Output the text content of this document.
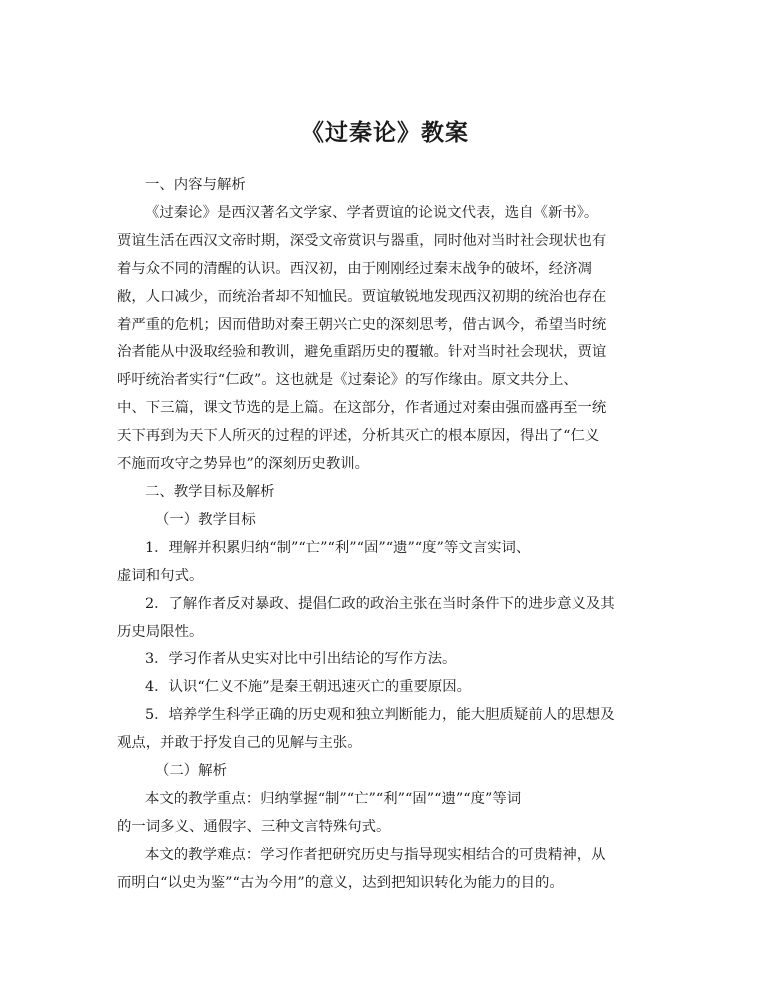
《过秦论》教案

一、内容与解析

《过秦论》是西汉著名文学家、学者贾谊的论说文代表，选自《新书》。

贾谊生活在西汉文帝时期，深受文帝赏识与器重，同时他对当时社会现状也有

着与众不同的清醒的认识。西汉初，由于刚刚经过秦末战争的破坏，经济凋

敝，人口减少，而统治者却不知恤民。贾谊敏锐地发现西汉初期的统治也存在

着严重的危机；因而借助对秦王朝兴亡史的深刻思考，借古讽今，希望当时统

治者能从中汲取经验和教训，避免重蹈历史的覆辙。针对当时社会现状，贾谊

呼吁统治者实行“仁政”。这也就是《过秦论》的写作缘由。原文共分上、

中、下三篇，课文节选的是上篇。在这部分，作者通过对秦由强而盛再至一统

天下再到为天下人所灭的过程的评述，分析其灭亡的根本原因，得出了“仁义

不施而攻守之势异也”的深刻历史教训。

二、教学目标及解析

（一）教学目标

1．理解并积累归纳“制”“亡”“利”“固”“遗”“度”等文言实词、

虚词和句式。

2．了解作者反对暴政、提倡仁政的政治主张在当时条件下的进步意义及其

历史局限性。

3．学习作者从史实对比中引出结论的写作方法。

4．认识“仁义不施”是秦王朝迅速灭亡的重要原因。

5．培养学生科学正确的历史观和独立判断能力，能大胆质疑前人的思想及

观点，并敢于抒发自己的见解与主张。

（二）解析

本文的教学重点：归纳掌握“制”“亡”“利”“固”“遗”“度”等词

的一词多义、通假字、三种文言特殊句式。

本文的教学难点：学习作者把研究历史与指导现实相结合的可贵精神，从

而明白“以史为鉴”“古为今用”的意义，达到把知识转化为能力的目的。
